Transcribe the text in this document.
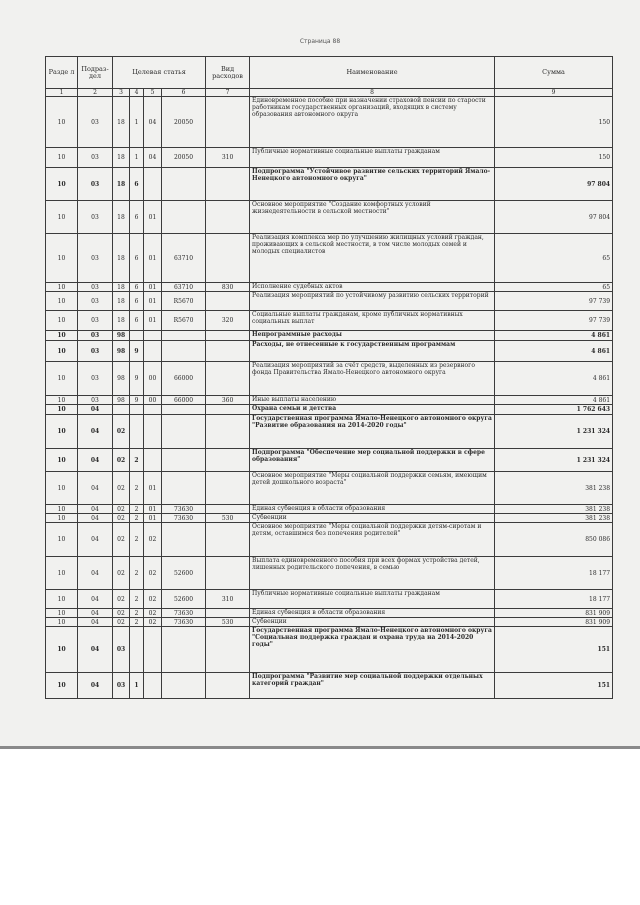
Страница 88
Разде л	Подраз- дел	Целевая статья				Вид расходов	Наименование	Сумма
1	2	3	4	5	6	7	8	9
10	03	18	1	04	20050		Единовременное пособие при назначении страховой пенсии по старости работникам государственных организаций, входящих в систему образования автономного округа	150
10	03	18	1	04	20050	310	Публичные нормативные социальные выплаты гражданам	150
10	03	18	6				Подпрограмма "Устойчивое развитие сельских территорий Ямало-Ненецкого автономного округа"	97 804
10	03	18	6	01			Основное мероприятие "Создание комфортных условий жизнедеятельности в сельской местности"	97 804
10	03	18	6	01	63710		Реализация комплекса мер по улучшению жилищных условий граждан, проживающих в сельской местности, в том числе молодых семей и молодых специалистов	65
10	03	18	6	01	63710	830	Исполнение судебных актов	65
10	03	18	6	01	R5670		Реализация мероприятий по устойчивому развитию сельских территорий	97 739
10	03	18	6	01	R5670	320	Социальные выплаты гражданам, кроме публичных нормативных социальных выплат	97 739
10	03	98					Непрограммные расходы	4 861
10	03	98	9				Расходы, не отнесенные к государственным программам	4 861
10	03	98	9	00	66000		Реализация мероприятий за счёт средств, выделенных из резервного фонда Правительства Ямало-Ненецкого автономного округа	4 861
10	03	98	9	00	66000	360	Иные выплаты населению	4 861
10	04						Охрана семьи и детства	1 762 643
10	04	02					Государственная программа Ямало-Ненецкого автономного округа "Развитие образования на 2014-2020 годы"	1 231 324
10	04	02	2				Подпрограмма "Обеспечение мер социальной поддержки в сфере образования"	1 231 324
10	04	02	2	01			Основное мероприятие "Меры социальной поддержки семьям, имеющим детей дошкольного возраста"	381 238
10	04	02	2	01	73630		Единая субвенция в области образования	381 238
10	04	02	2	01	73630	530	Субвенции	381 238
10	04	02	2	02			Основное мероприятие "Меры социальной поддержки детям-сиротам и детям, оставшимся без попечения родителей"	850 086
10	04	02	2	02	52600		Выплата единовременного пособия при всех формах устройства детей, лишенных родительского попечения, в семью	18 177
10	04	02	2	02	52600	310	Публичные нормативные социальные выплаты гражданам	18 177
10	04	02	2	02	73630		Единая субвенция в области образования	831 909
10	04	02	2	02	73630	530	Субвенции	831 909
10	04	03					Государственная программа Ямало-Ненецкого автономного округа "Социальная поддержка граждан и охрана труда на 2014-2020 годы"	151
10	04	03	1				Подпрограмма "Развитие мер социальной поддержки отдельных категорий граждан"	151
